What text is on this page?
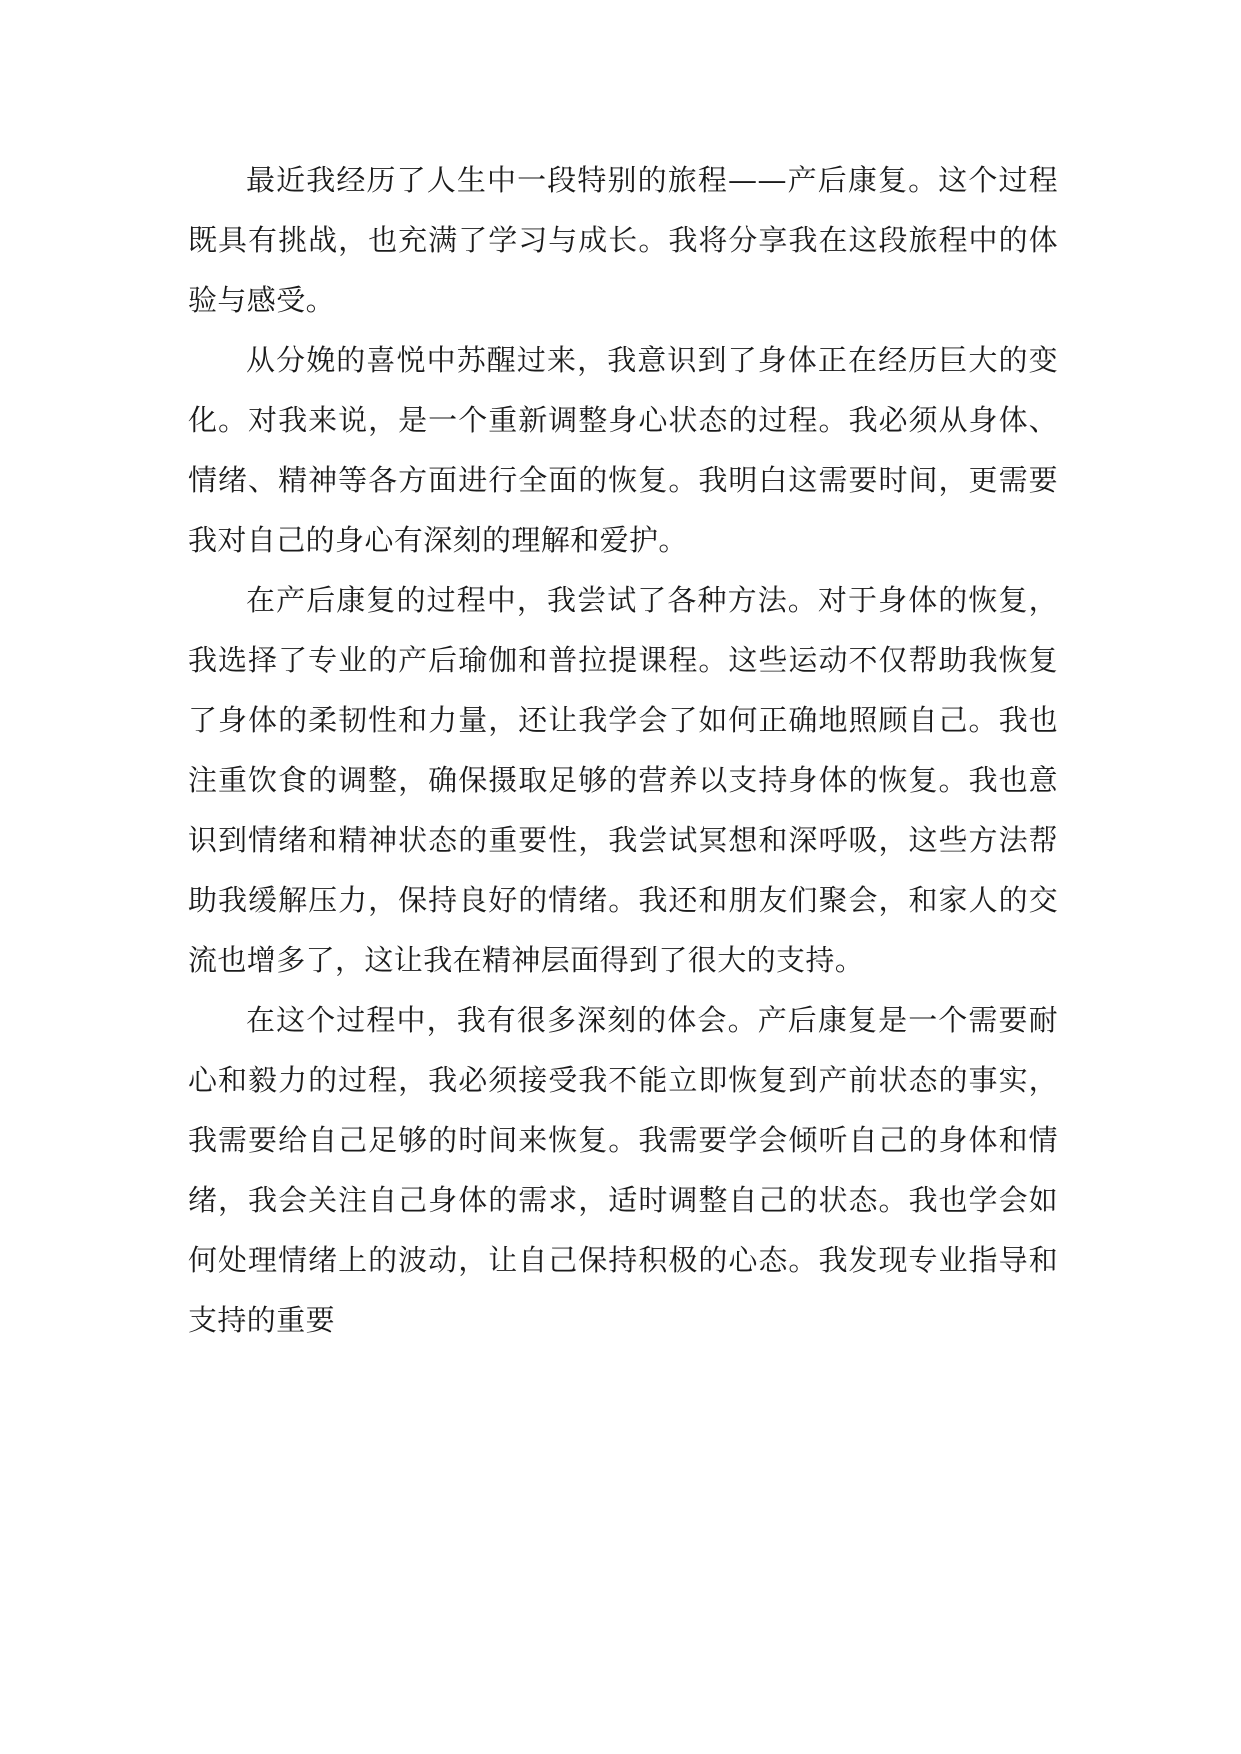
最近我经历了人生中一段特别的旅程——产后康复。这个过程既具有挑战，也充满了学习与成长。我将分享我在这段旅程中的体验与感受。

从分娩的喜悦中苏醒过来，我意识到了身体正在经历巨大的变化。对我来说，是一个重新调整身心状态的过程。我必须从身体、情绪、精神等各方面进行全面的恢复。我明白这需要时间，更需要我对自己的身心有深刻的理解和爱护。

在产后康复的过程中，我尝试了各种方法。对于身体的恢复，我选择了专业的产后瑜伽和普拉提课程。这些运动不仅帮助我恢复了身体的柔韧性和力量，还让我学会了如何正确地照顾自己。我也注重饮食的调整，确保摄取足够的营养以支持身体的恢复。我也意识到情绪和精神状态的重要性，我尝试冥想和深呼吸，这些方法帮助我缓解压力，保持良好的情绪。我还和朋友们聚会，和家人的交流也增多了，这让我在精神层面得到了很大的支持。

在这个过程中，我有很多深刻的体会。产后康复是一个需要耐心和毅力的过程，我必须接受我不能立即恢复到产前状态的事实，我需要给自己足够的时间来恢复。我需要学会倾听自己的身体和情绪，我会关注自己身体的需求，适时调整自己的状态。我也学会如何处理情绪上的波动，让自己保持积极的心态。我发现专业指导和支持的重要
